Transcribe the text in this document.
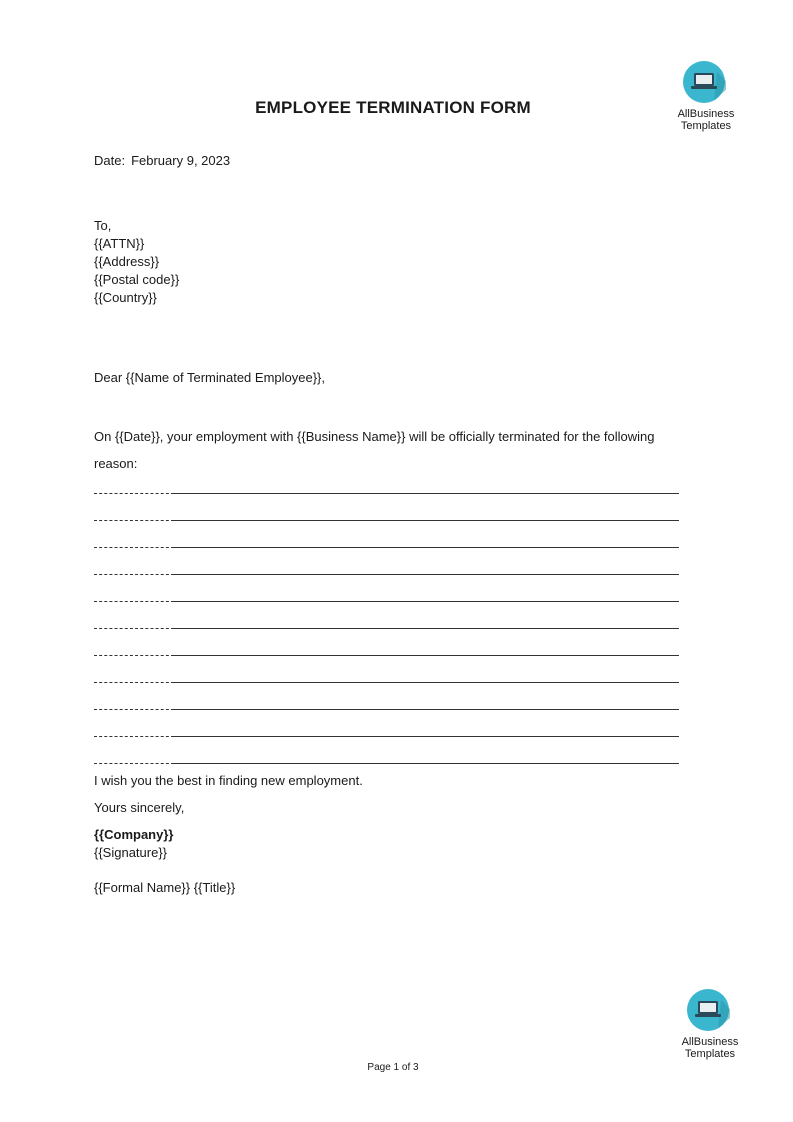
AllBusiness
Templates
EMPLOYEE TERMINATION FORM
Date: February 9, 2023
To,
{{ATTN}}
{{Address}}
{{Postal code}}
{{Country}}
Dear {{Name of Terminated Employee}},
On {{Date}}, your employment with {{Business Name}} will be officially terminated for the following reason:
I wish you the best in finding new employment.
Yours sincerely,
{{Company}}
{{Signature}}
{{Formal Name}} {{Title}}
AllBusiness
Templates
Page 1 of 3
